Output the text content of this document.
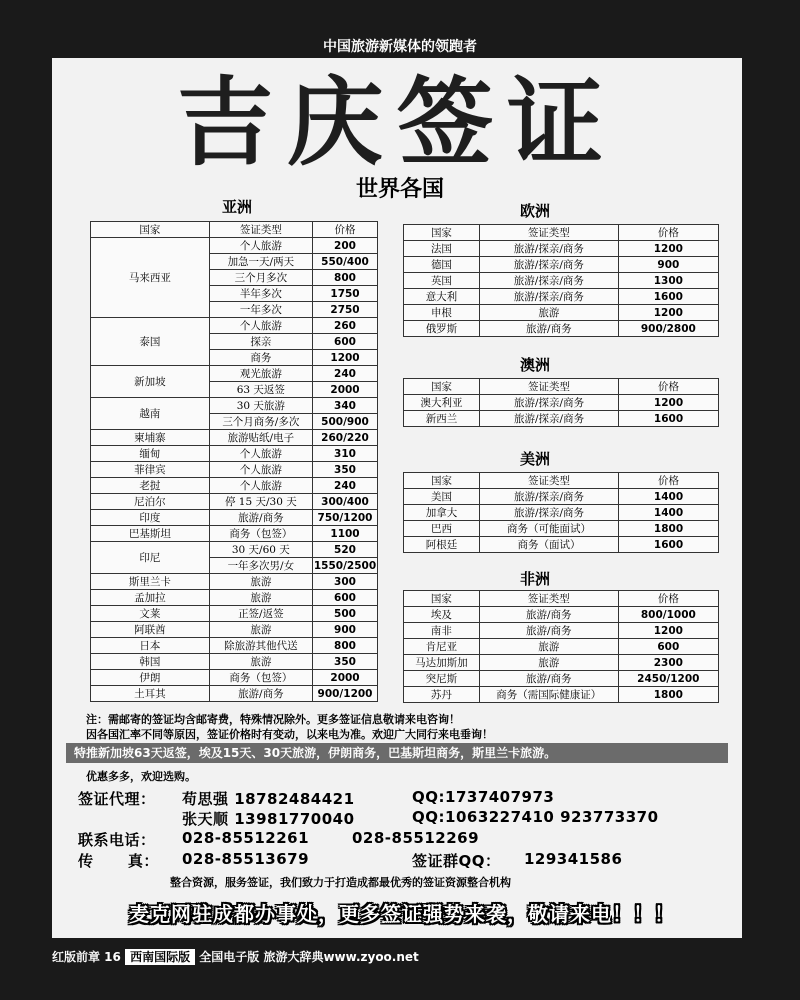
中国旅游新媒体的领跑者
吉庆签证
世界各国
亚洲
国家	签证类型	价格
马来西亚	个人旅游	200
	加急一天/两天	550/400
	三个月多次	800
	半年多次	1750
	一年多次	2750
泰国	个人旅游	260
	探亲	600
	商务	1200
新加坡	观光旅游	240
	63 天返签	2000
越南	30 天旅游	340
	三个月商务/多次	500/900
柬埔寨	旅游贴纸/电子	260/220
缅甸	个人旅游	310
菲律宾	个人旅游	350
老挝	个人旅游	240
尼泊尔	停 15 天/30 天	300/400
印度	旅游/商务	750/1200
巴基斯坦	商务（包签）	1100
印尼	30 天/60 天	520
	一年多次男/女	1550/2500
斯里兰卡	旅游	300
孟加拉	旅游	600
文莱	正签/返签	500
阿联酋	旅游	900
日本	除旅游其他代送	800
韩国	旅游	350
伊朗	商务（包签）	2000
土耳其	旅游/商务	900/1200
欧洲
国家	签证类型	价格
法国	旅游/探亲/商务	1200
德国	旅游/探亲/商务	900
英国	旅游/探亲/商务	1300
意大利	旅游/探亲/商务	1600
申根	旅游	1200
俄罗斯	旅游/商务	900/2800
澳洲
国家	签证类型	价格
澳大利亚	旅游/探亲/商务	1200
新西兰	旅游/探亲/商务	1600
美洲
国家	签证类型	价格
美国	旅游/探亲/商务	1400
加拿大	旅游/探亲/商务	1400
巴西	商务（可能面试）	1800
阿根廷	商务（面试）	1600
非洲
国家	签证类型	价格
埃及	旅游/商务	800/1000
南非	旅游/商务	1200
肯尼亚	旅游	600
马达加斯加	旅游	2300
突尼斯	旅游/商务	2450/1200
苏丹	商务（需国际健康证）	1800
注：需邮寄的签证均含邮寄费，特殊情况除外。更多签证信息敬请来电咨询！
因各国汇率不同等原因，签证价格时有变动，以来电为准。欢迎广大同行来电垂询！
特推新加坡63天返签，埃及15天、30天旅游，伊朗商务，巴基斯坦商务，斯里兰卡旅游。
优惠多多，欢迎选购。
签证代理： 苟思强 18782484421	QQ:1737407973
张天顺 13981770040	QQ:1063227410 923773370
联系电话： 028-85512261	028-85512269
传      真： 028-85513679	签证群QQ： 129341586
整合资源，服务签证，我们致力于打造成都最优秀的签证资源整合机构
麦克网驻成都办事处，更多签证强势来袭，敬请来电！！！
红版前章 16 西南国际版 全国电子版 旅游大辞典www.zyoo.net
